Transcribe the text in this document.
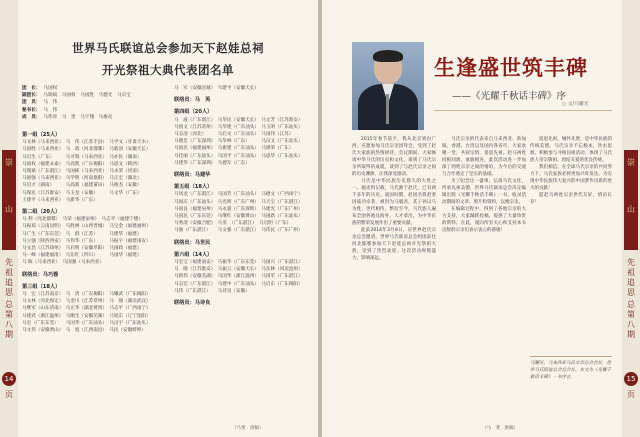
崇
山
先祖追思
总第八期
14
页
世界马氏联谊总会参加天下赵娃总祠
开光祭祖大典代表团名单
团　长： 马国权
副团长： 马瑞斌　马国权　马国胜　马德光　马宗宝
团　员： 马　伟
秘书长： 马　伟
成　员： 马伟青　马　贵　马宇翔　马俊炎
第一组（25人）
马文林（马来西亚）　马　伟（江苏丰县）　马学文（甘肃天水）
马国胜（马来西亚）　马　政（河北邯郸）　马新清（安徽天长）
马启生（广东）　　　马可瑞（马来西亚）　马亦民（湖南）
马国权（福建永泰）　马高凯（广东揭阳）　马思文（陕西）
马瑞斌（广东湛江）　马国栋（马来西亚）　马永荣（河南）
马国强（马来西亚）　马学明（河南淮阳）　马正宏（湖北）
马启才（湖南）　　　马高新（福建莆田）　马俊杰（安徽）
马保民（江苏淮安）　马玉龙（安徽）　　　马文华（广东）
王建平（马来西亚）　马新华（广东）
第二组（20人）
马 利（河北邯郸）　马荣（福建泉州）　马志平（福建宁德）
马振琼（云南昆明）　马胜林（山西晋城）　马宝金（福建福州）
马广生（广东东莞）　马　群（江苏）　　　马建华（福建）
马立强（陕西西安）　马伟华（广东）　　　马振宇（福建南安）
马文昌（江苏徐州）　马启明（安徽阜阳）　马国政（福建）
马一峰（福建福清）　马东红（四川）　　　马国华（福建）
马 晖（马来西亚）　马国强（马来西亚）
联络员：马巧蓉
第三组（18人）
马　宏（江苏南京）　马　贵（广东揭阳）　马耀武（广东揭阳）
马文林（河北保定）　马金川（江苏常州）　马　强（湖北武汉）
马继军（山东济南）　马正华（湖北黄冈）　马志平（广西南宁）
马建武（浙江温州）　马顺生（安徽芜湖）　马旭东（辽宁沈阳）
马宏（广东东莞）　　马国华（广东汕头）　马汉宇（广东汕头）
马文伟（安徽黄山）　马　旭（江西南昌）　马民（安徽蚌埠）
马　军（安徽宣城）　马建平（安徽天长）
联络员：马　英
第四组（20人）
马　波（广东湛江）　马华民（安徽天长）　马文芳（江苏淮安）
马国文（江苏苏州）　马华建（广东汕头）　马玉明（广东汕头）
马志清（河北）　　　马启文（广东汕头）　马国伟（江苏）
马德忠（广东深圳）　马华林（广东）　　　马汉文（广东汕头）
马国民（福建福州）　马新建（广东汕头）　马锦荣（广东）
马佳丽（广东汕头）　马国平（广东汕头）　马思华（广东汕头）
马建华（广东深圳）　马德军（广东）
联络员：马建华
第五组（18人）
马凤龙（广东湛江）　马国芳（广东汕头）　马德文（广西南宁）
马国庆（广东汕头）　马光明（广东广州）　马天宝（广东湛江）
马国良（福建泉州）　马永超（广东深圳）　马建光（广东广州）
马国民（广东东莞）　马继红（安徽黄山）　马国新（广东汕头）
马秀清（安徽合肥）　马亚　（广东湛江）　马启明（广东）
马强（广东湛江）　　马文强（广东湛江）　马伟民（广东广州）
联络员：马世民
第六组（14人）
马宏宝（福建南安）　马振华（广东东莞）　马国兴（广东湛江）
马　晓（江苏淮安）　马振云（安徽天长）　马东林（河北沧州）
马新伟（安徽芜湖）　马国华（浙江温州）　马国军（广东湛江）
马志宏（广东湛江）　马建中（广东汕头）　马启东（广东揭阳）
马伟（广东湛江）　　马诗良（安徽）
联络员：马诗良
（马斐　供稿）
崇
山
先祖追思
总第八期
15
页
生逢盛世筑丰碑
——《光耀千秋话丰碑》序
○ 文/马耀光

2015年春节前夕，我从北京到汾广西，应邀参加马氏宗亲团拜会，受到了赵氏大家族的热情接待。会议期间，大家畅谈中华马氏的历史和文化，谈到了马氏宗亲所取得的成就，谈到了与赵氏宗亲之间的历史渊源，让我深受感动。

马氏是中华民族历史悠久的大姓之一。据史料记载，马氏源于赵氏，已有两千多年的历史。战国时期，赵国名将赵奢因战功卓著，被封为马服君，其子孙以马为姓，世代相传，繁衍至今。马氏族人遍布全国各地及海外，人才辈出，为中华民族的繁荣发展作出了重要贡献。

此前2014年3月8日，应世界赵氏宗亲总会邀请，世界马氏联谊总会组团前往河北邯郸参加天下赵娃总祠开光祭祖大典，受到了热烈欢迎。这次活动规模盛大，影响深远。

马氏宗亲的代表来自马来西亚、新加坡、香港、台湾以及国内各省市，大家欢聚一堂，共叙宗情，追思先祖。赵马两姓同根同源，血脉相连，此次活动进一步加深了两姓宗亲之间的情谊，为今后的交流与合作奠定了坚实的基础。

为了纪念这一盛事，弘扬马氏文化，传承先祖美德，世界马氏联谊总会决定编辑出版《光耀千秋话丰碑》一书，收录活动期间的文章、照片和资料，以飨宗亲。

在编辑过程中，得到了各地宗亲的大力支持，大家踊跃投稿，提供了大量珍贵的资料。在此，谨向所有关心和支持本书出版的宗亲们表示衷心的感谢！

追思先祖，缅怀先贤，是中华民族的传统美德。马氏宗亲不忘根本，饮水思源，积极参与寻根问祖活动，体现了马氏族人崇宗敬祖、团结友爱的优良传统。

我们相信，在全球马氏宗亲的共同努力下，马氏家族必将更加兴旺发达，为实现中华民族伟大复兴的中国梦作出新的更大的贡献！

愿赵马两姓宗亲世代友好，情谊长存！

马耀光，马来西亚马氏宗亲总会会长，世界马氏联谊总会总会长。本文为《光耀千秋话丰碑》一书序言。
（马　斐　供稿）
